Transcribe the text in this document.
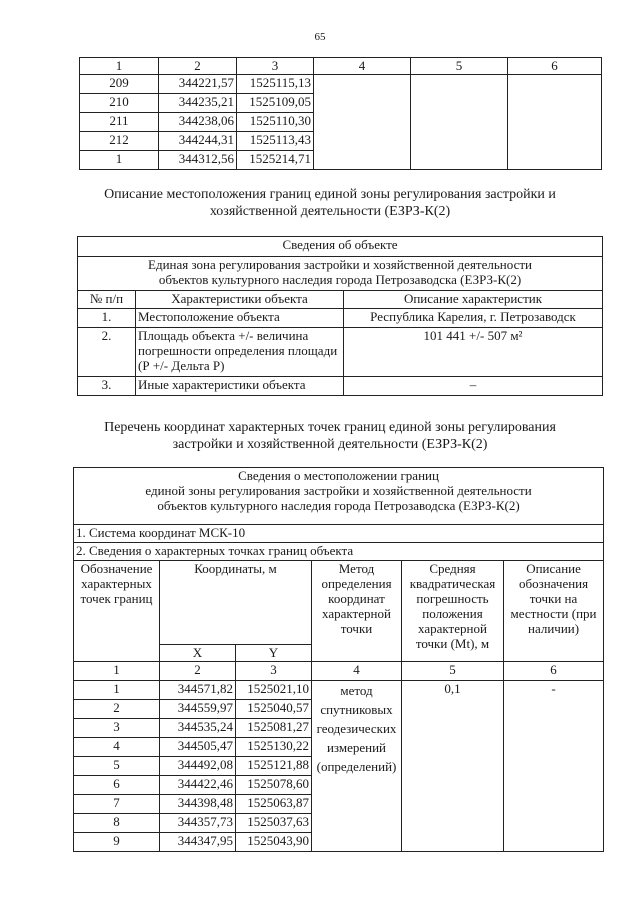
65
1	2	3	4	5	6
209	344221,57	1525115,13			
210	344235,21	1525109,05			
211	344238,06	1525110,30			
212	344244,31	1525113,43			
1	344312,56	1525214,71			
Описание местоположения границ единой зоны регулирования застройки и
хозяйственной деятельности (ЕЗРЗ-К(2)
Сведения об объекте		

Единая зона регулирования застройки и хозяйственной деятельности
объектов культурного наследия города Петрозаводска (ЕЗРЗ-К(2)		

№ п/п	Характеристики объекта	Описание характеристик
1.	Местоположение объекта	Республика Карелия, г. Петрозаводск
2.	Площадь объекта +/- величина погрешности определения площади (Р +/- Дельта Р)	101 441 +/- 507 м²
3.	Иные характеристики объекта	–
Перечень координат характерных точек границ единой зоны регулирования
застройки и хозяйственной деятельности (ЕЗРЗ-К(2)
Сведения о местоположении границ
единой зоны регулирования застройки и хозяйственной деятельности
объектов культурного наследия города Петрозаводска (ЕЗРЗ-К(2)					

1. Система координат МСК-10					
2. Сведения о характерных точках границ объекта					
Обозначение характерных точек границ	Координаты, м		Метод определения координат характерной точки	Средняя квадратическая погрешность положения характерной точки (Mt), м	Описание обозначения точки на местности (при наличии)
	X	Y			
1	2	3	4	5	6
1	344571,82	1525021,10	метод спутниковых геодезических измерений (определений)	0,1	-
2	344559,97	1525040,57			
3	344535,24	1525081,27			
4	344505,47	1525130,22			
5	344492,08	1525121,88			
6	344422,46	1525078,60			
7	344398,48	1525063,87			
8	344357,73	1525037,63			
9	344347,95	1525043,90			
